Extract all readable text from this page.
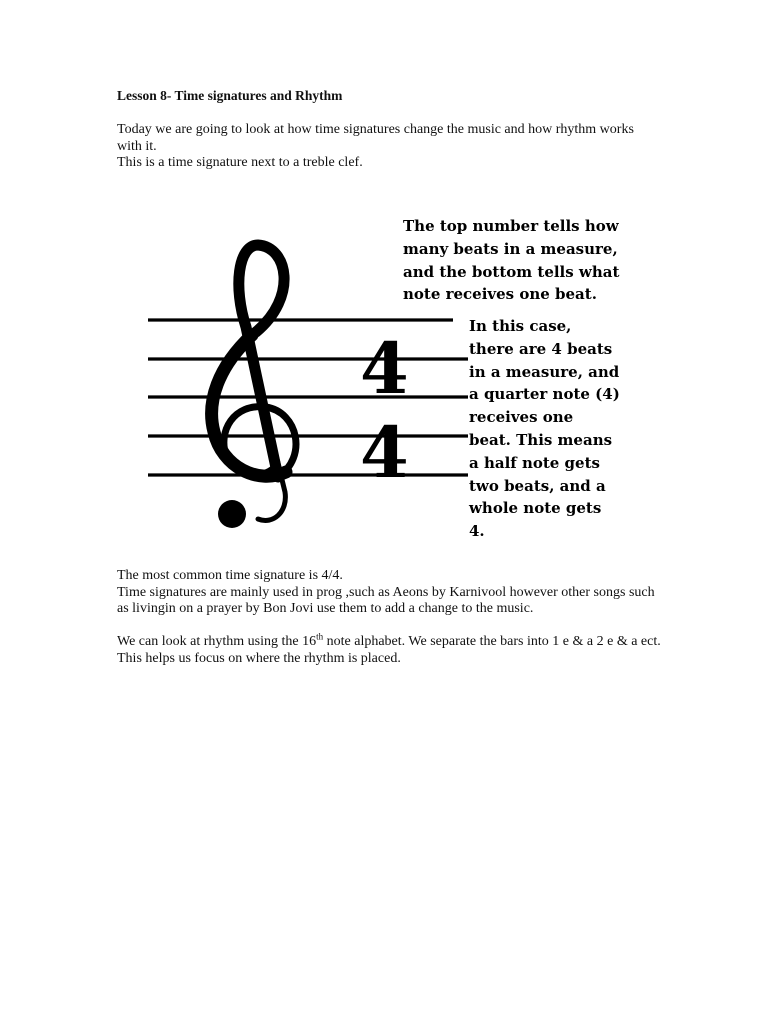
Lesson 8- Time signatures and Rhythm

Today we are going to look at how time signatures change the music and how rhythm works with it.

This is a time signature next to a treble clef.

4
4
The top number tells how
many beats in a measure,
and the bottom tells what
note receives one beat.
In this case,
there are 4 beats
in a measure, and
a quarter note (4)
receives one
beat. This means
a half note gets
two beats, and a
whole note gets
4.

The most common time signature is 4/4.

Time signatures are mainly used in prog ,such as Aeons by Karnivool however other songs such as livingin on a prayer by Bon Jovi use them to add a change to the music.

We can look at rhythm using the 16th note alphabet. We separate the bars into 1 e & a 2 e & a ect. This helps us focus on where the rhythm is placed.
